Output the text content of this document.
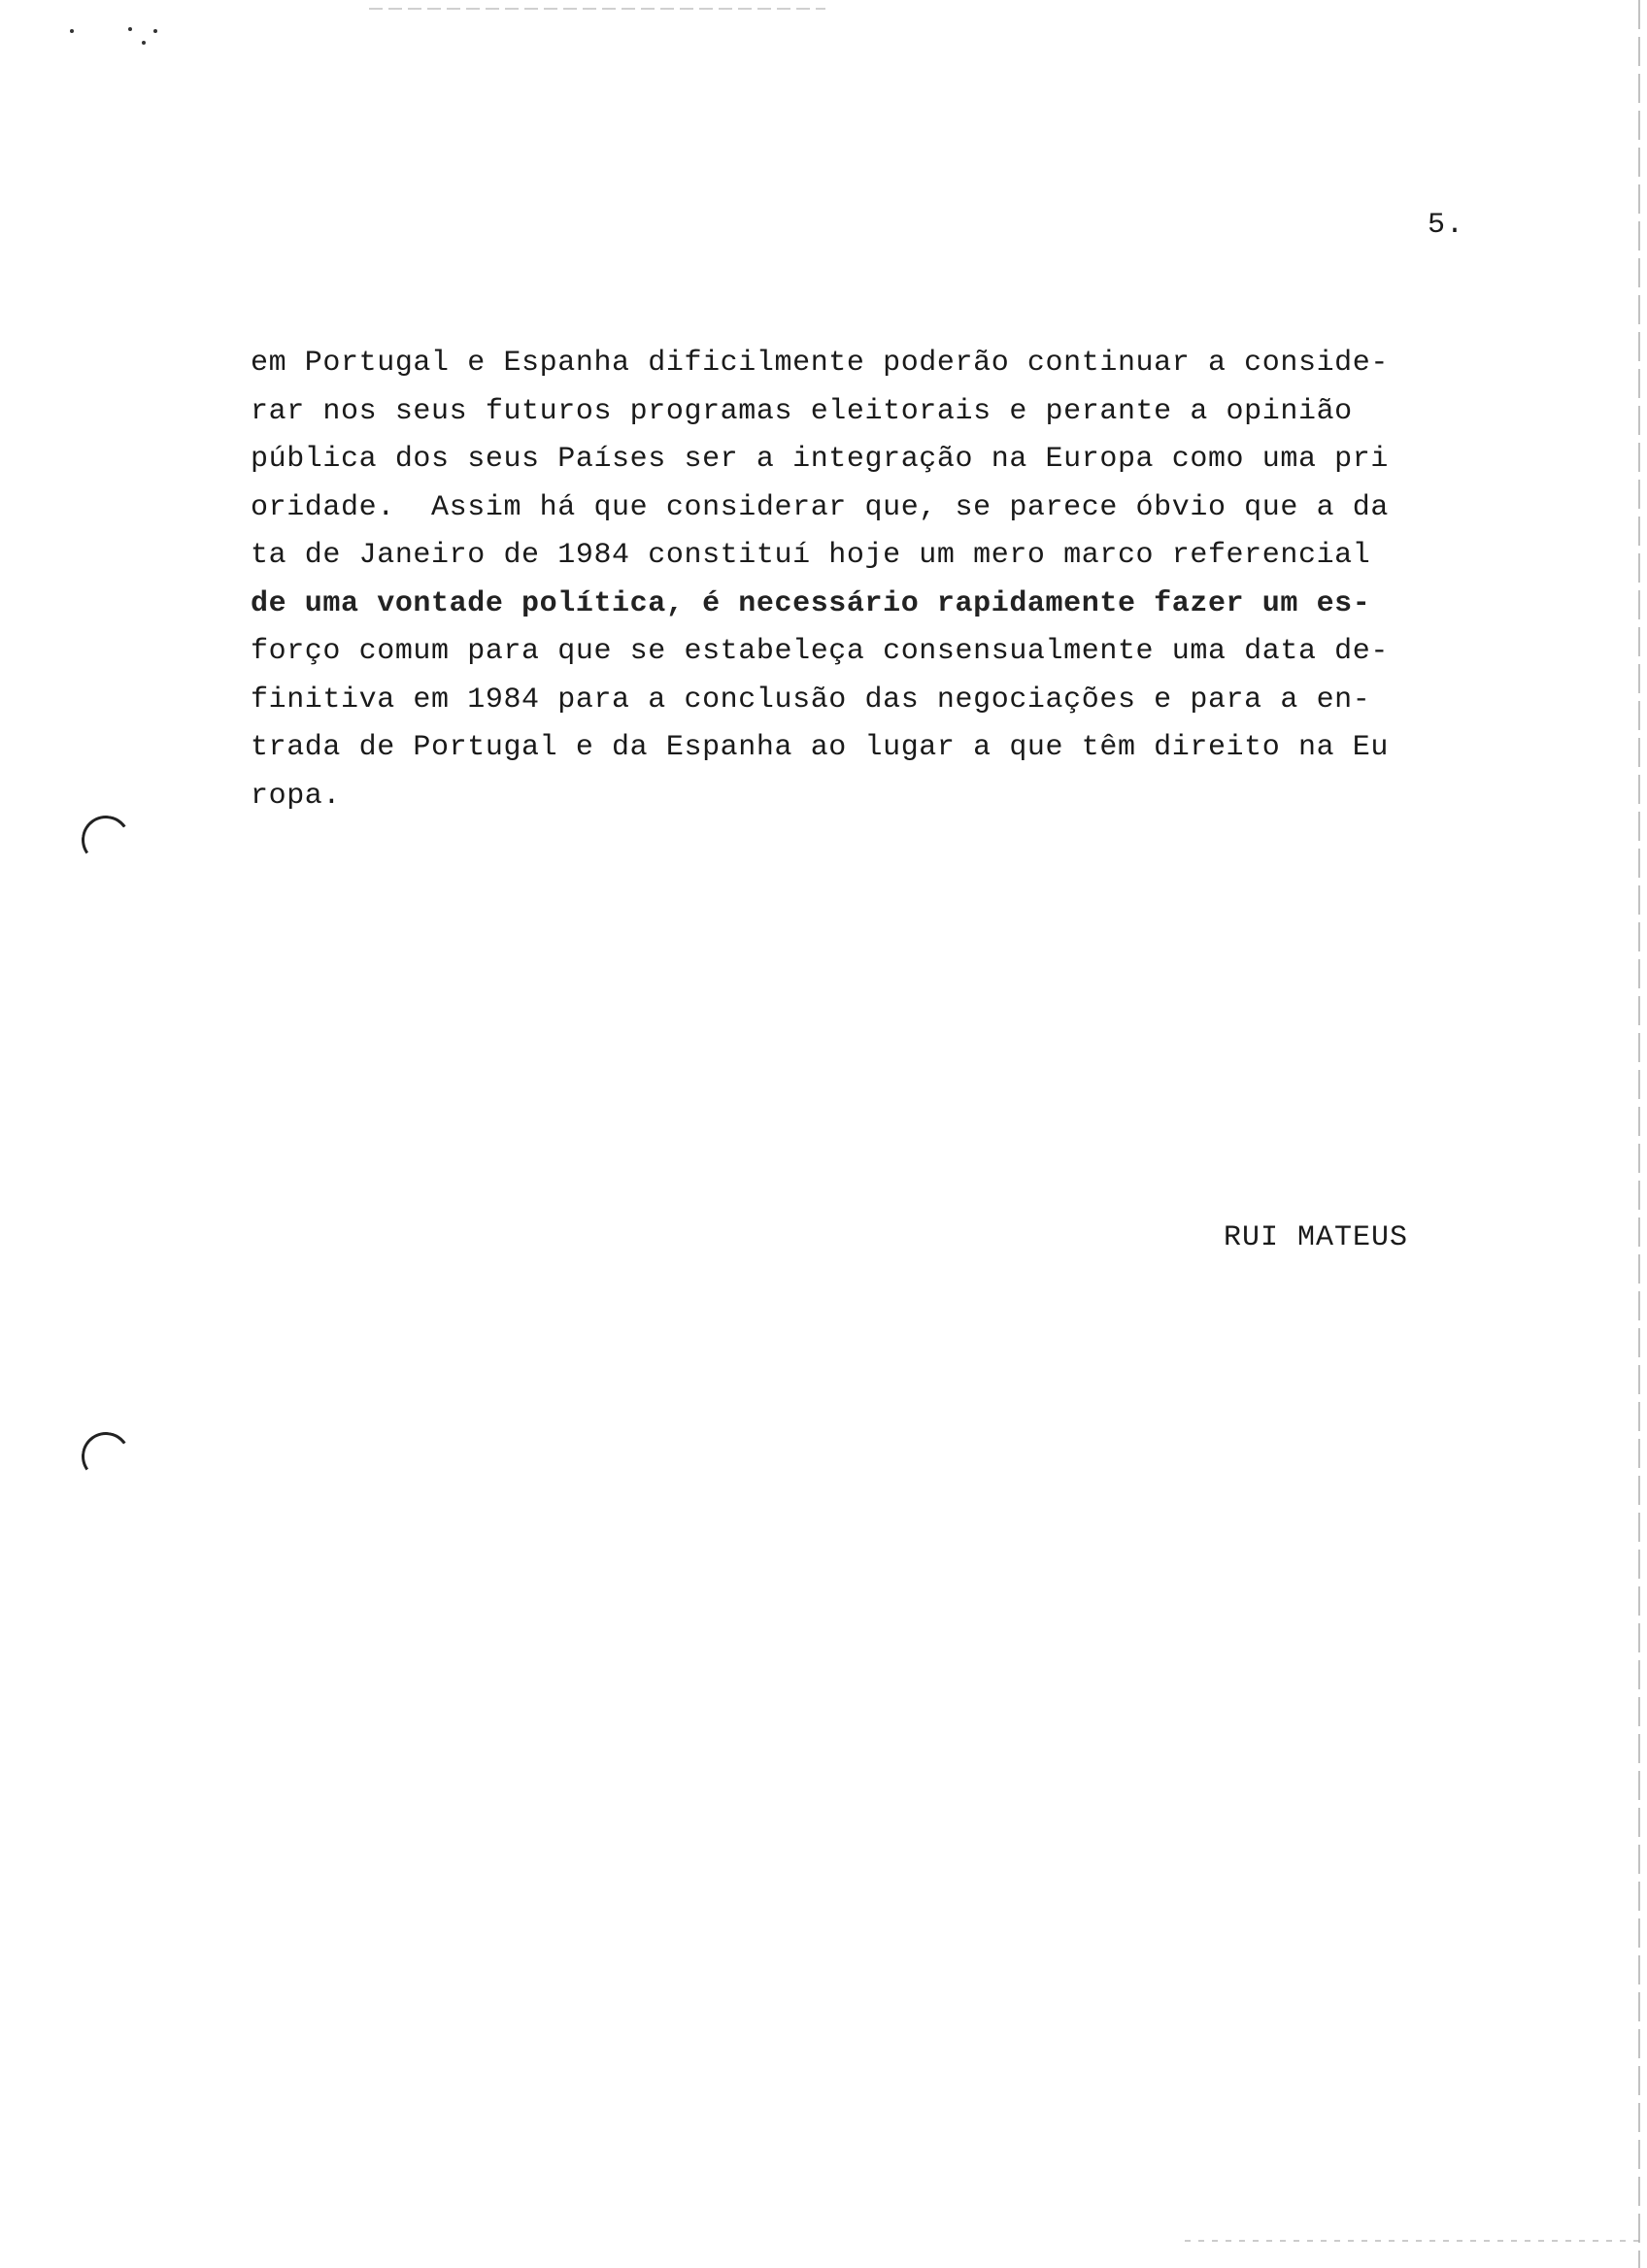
5.
em Portugal e Espanha dificilmente poderão continuar a conside-
rar nos seus futuros programas eleitorais e perante a opinião
pública dos seus Países ser a integração na Europa como uma pri
oridade.  Assim há que considerar que, se parece óbvio que a da
ta de Janeiro de 1984 constituí hoje um mero marco referencial
de uma vontade política, é necessário rapidamente fazer um es-
forço comum para que se estabeleça consensualmente uma data de-
finitiva em 1984 para a conclusão das negociações e para a en-
trada de Portugal e da Espanha ao lugar a que têm direito na Eu
ropa.
RUI MATEUS
